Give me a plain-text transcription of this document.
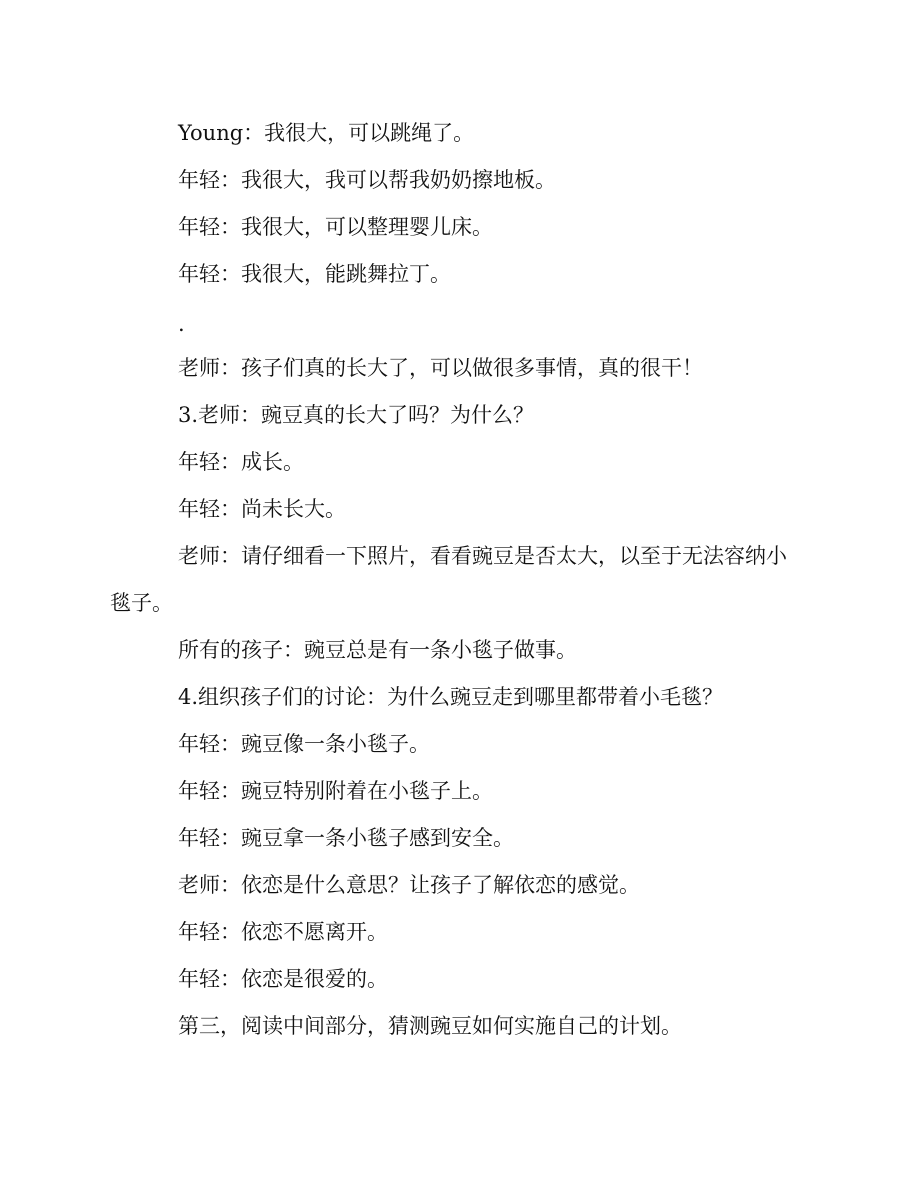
Young：我很大，可以跳绳了。
年轻：我很大，我可以帮我奶奶擦地板。
年轻：我很大，可以整理婴儿床。
年轻：我很大，能跳舞拉丁。
.
老师：孩子们真的长大了，可以做很多事情，真的很干！
3.老师：豌豆真的长大了吗？为什么？
年轻：成长。
年轻：尚未长大。
老师：请仔细看一下照片，看看豌豆是否太大，以至于无法容纳小
毯子。
所有的孩子：豌豆总是有一条小毯子做事。
4.组织孩子们的讨论：为什么豌豆走到哪里都带着小毛毯？
年轻：豌豆像一条小毯子。
年轻：豌豆特别附着在小毯子上。
年轻：豌豆拿一条小毯子感到安全。
老师：依恋是什么意思？让孩子了解依恋的感觉。
年轻：依恋不愿离开。
年轻：依恋是很爱的。
第三，阅读中间部分，猜测豌豆如何实施自己的计划。
